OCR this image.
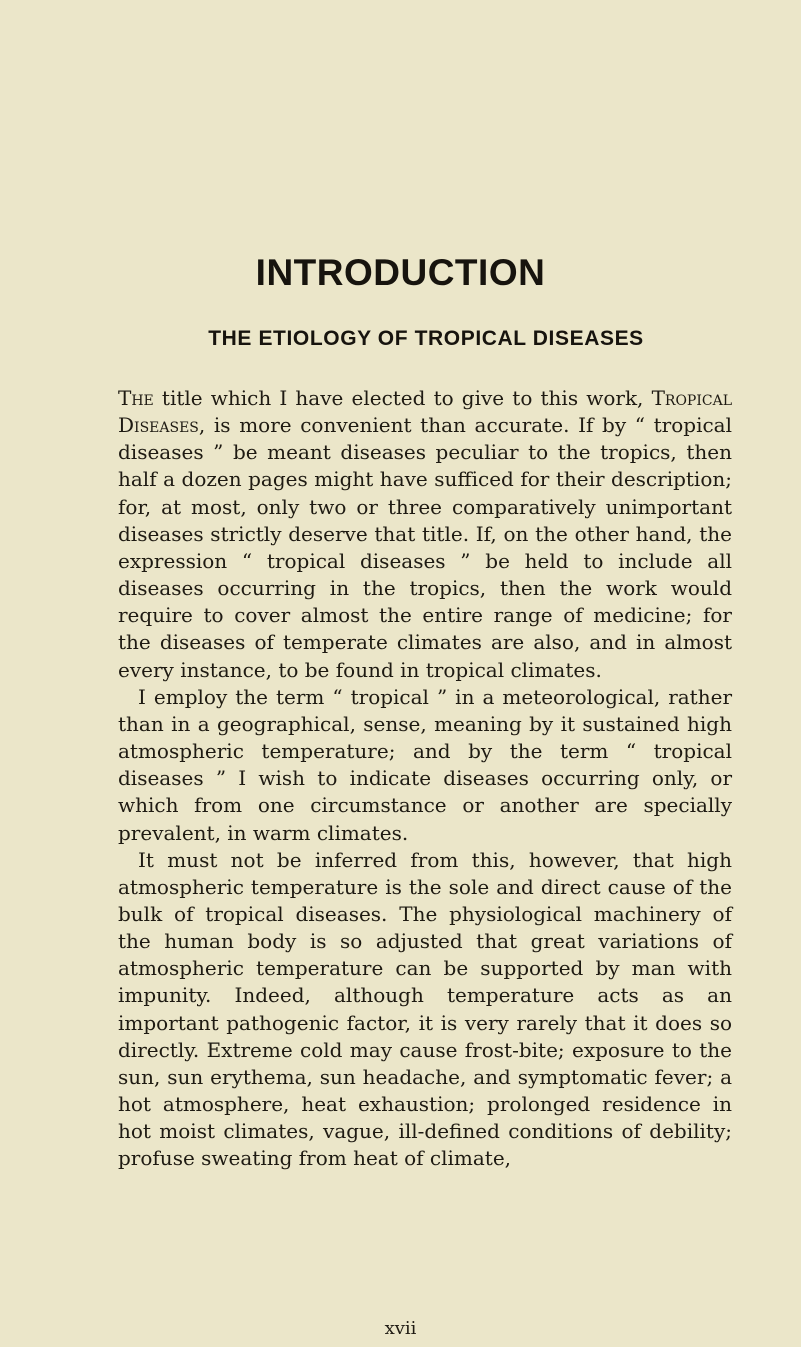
INTRODUCTION
THE ETIOLOGY OF TROPICAL DISEASES

The title which I have elected to give to this work, Tropical Diseases, is more convenient than accurate. If by “ tropical diseases ” be meant diseases peculiar to the tropics, then half a dozen pages might have sufficed for their description; for, at most, only two or three comparatively unimportant diseases strictly deserve that title. If, on the other hand, the expression “ tropical diseases ” be held to include all diseases occurring in the tropics, then the work would require to cover almost the entire range of medicine; for the diseases of temperate climates are also, and in almost every instance, to be found in tropical climates.

I employ the term “ tropical ” in a meteorological, rather than in a geographical, sense, meaning by it sustained high atmospheric temperature; and by the term “ tropical diseases ” I wish to indicate diseases occurring only, or which from one circumstance or another are specially prevalent, in warm climates.

It must not be inferred from this, however, that high atmospheric temperature is the sole and direct cause of the bulk of tropical diseases. The physiological machinery of the human body is so adjusted that great variations of atmospheric temperature can be supported by man with impunity. Indeed, although temperature acts as an important pathogenic factor, it is very rarely that it does so directly. Extreme cold may cause frost-bite; exposure to the sun, sun erythema, sun headache, and symptomatic fever; a hot atmosphere, heat exhaustion; prolonged residence in hot moist climates, vague, ill-defined conditions of debility; profuse sweating from heat of climate,

xvii
